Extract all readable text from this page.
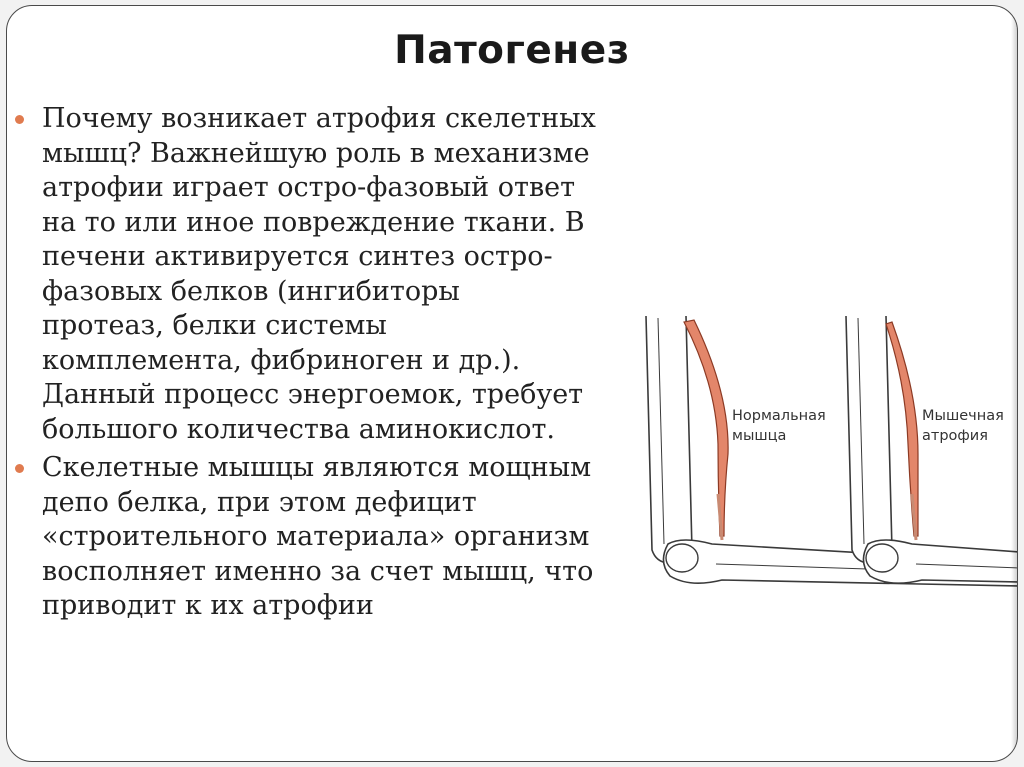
Патогенез
Почему возникает атрофия скелетных
мышц? Важнейшую роль в механизме
атрофии играет остро-фазовый ответ
на то или иное повреждение ткани. В
печени активируется синтез остро-
фазовых белков (ингибиторы
протеаз, белки системы
комплемента, фибриноген и др.).
Данный процесс энергоемок, требует
большого количества аминокислот.
Скелетные мышцы являются мощным
депо белка, при этом дефицит
«строительного материала» организм
восполняет именно за счет мышц, что
приводит к их атрофии
Нормальная
мышца
Мышечная
атрофия
